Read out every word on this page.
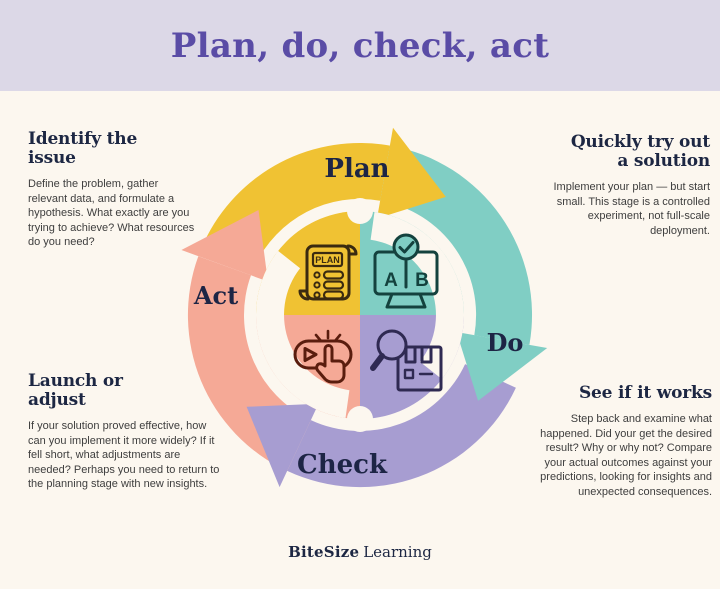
Plan, do, check, act
Plan
Do
Check
Act
PLAN
A B
Identify the
issue

Define the problem, gather relevant data, and formulate a hypothesis. What exactly are you trying to achieve? What resources do you need?

Quickly try out
a solution

Implement your plan — but start small. This stage is a controlled experiment, not full-scale deployment.

Launch or
adjust

If your solution proved effective, how can you implement it more widely? If it fell short, what adjustments are needed? Perhaps you need to return to the planning stage with new insights.

See if it works

Step back and examine what happened. Did your get the desired result? Why or why not? Compare your actual outcomes against your predictions, looking for insights and unexpected consequences.

BiteSize Learning
